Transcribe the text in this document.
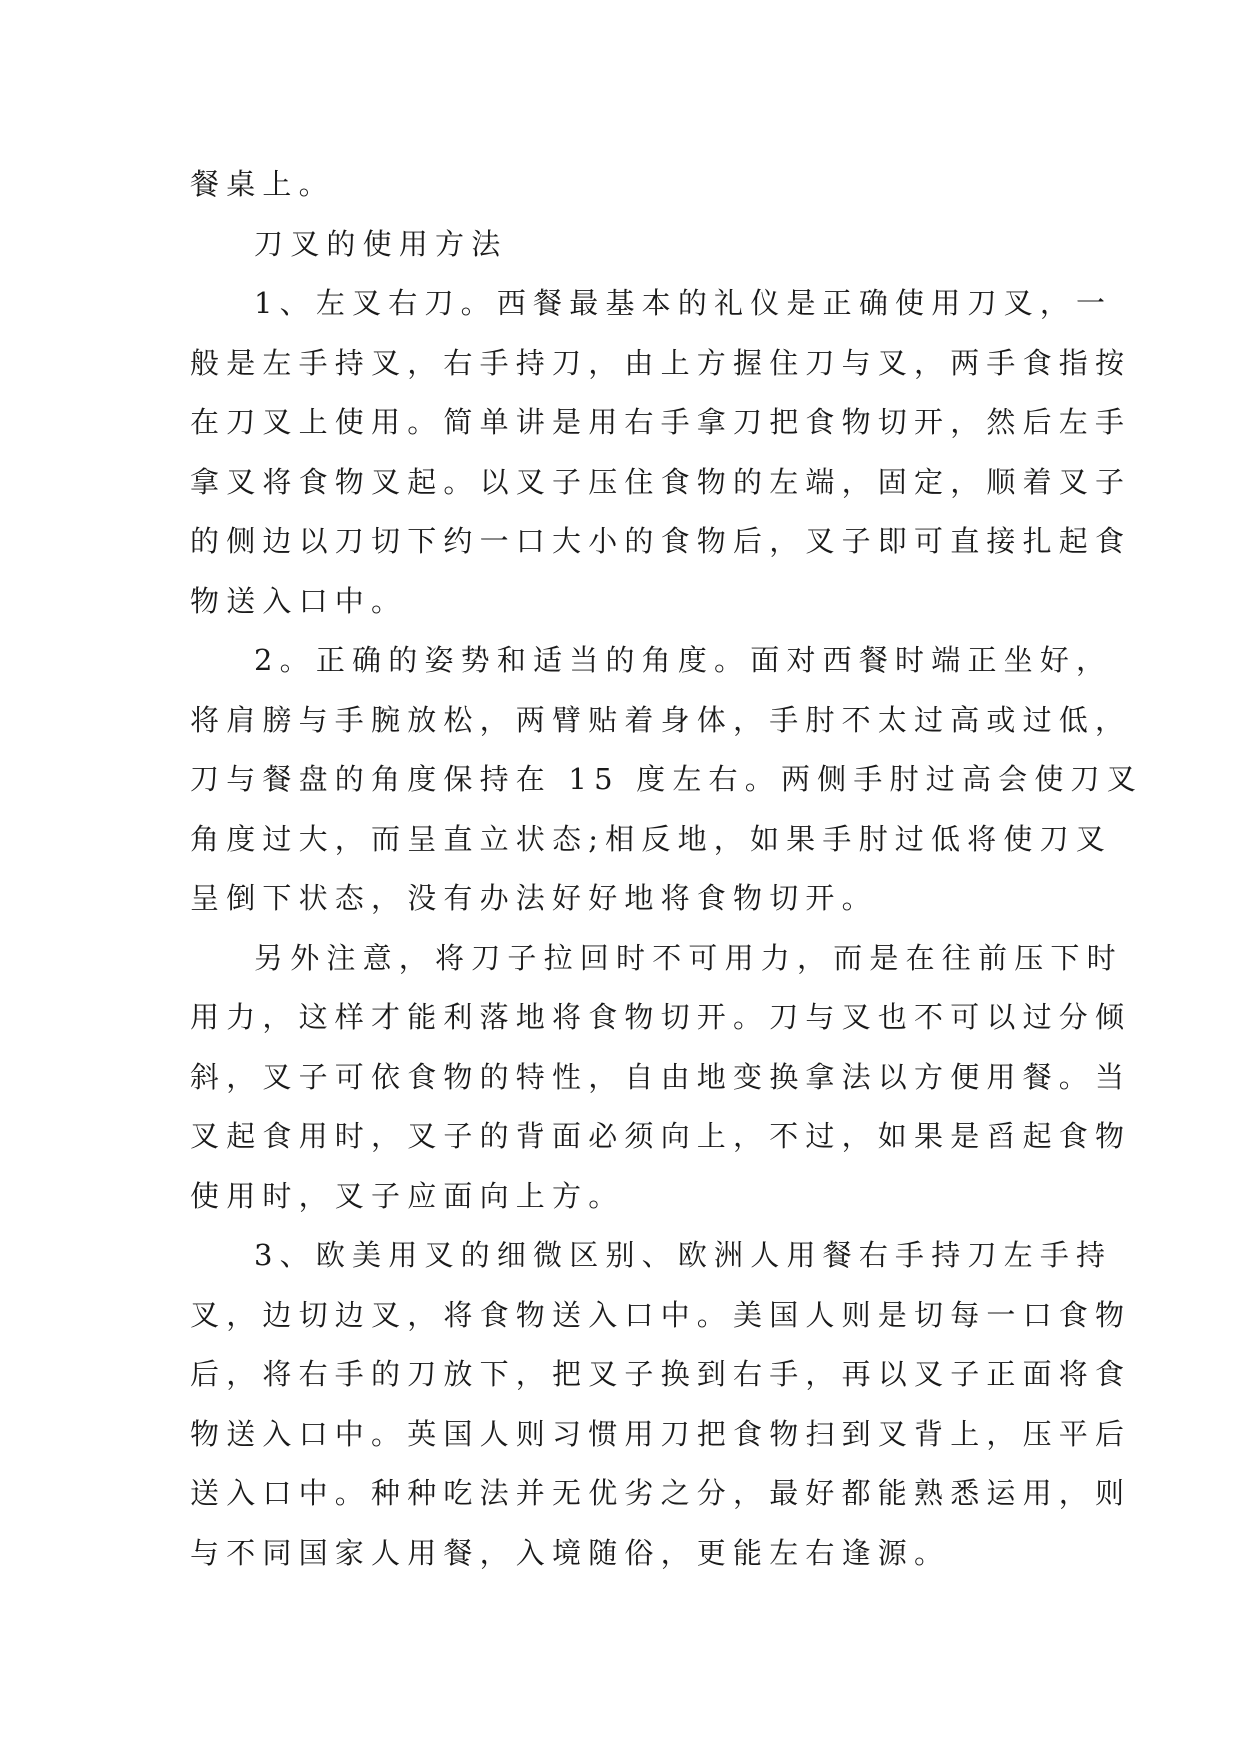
餐桌上。
刀叉的使用方法
1、左叉右刀。西餐最基本的礼仪是正确使用刀叉，一
般是左手持叉，右手持刀，由上方握住刀与叉，两手食指按
在刀叉上使用。简单讲是用右手拿刀把食物切开，然后左手
拿叉将食物叉起。以叉子压住食物的左端，固定，顺着叉子
的侧边以刀切下约一口大小的食物后，叉子即可直接扎起食
物送入口中。
2。正确的姿势和适当的角度。面对西餐时端正坐好，
将肩膀与手腕放松，两臂贴着身体，手肘不太过高或过低，
刀与餐盘的角度保持在 15 度左右。两侧手肘过高会使刀叉
角度过大，而呈直立状态;相反地，如果手肘过低将使刀叉
呈倒下状态，没有办法好好地将食物切开。
另外注意，将刀子拉回时不可用力，而是在往前压下时
用力，这样才能利落地将食物切开。刀与叉也不可以过分倾
斜，叉子可依食物的特性，自由地变换拿法以方便用餐。当
叉起食用时，叉子的背面必须向上，不过，如果是舀起食物
使用时，叉子应面向上方。
3、欧美用叉的细微区别、欧洲人用餐右手持刀左手持
叉，边切边叉，将食物送入口中。美国人则是切每一口食物
后，将右手的刀放下，把叉子换到右手，再以叉子正面将食
物送入口中。英国人则习惯用刀把食物扫到叉背上，压平后
送入口中。种种吃法并无优劣之分，最好都能熟悉运用，则
与不同国家人用餐，入境随俗，更能左右逢源。
